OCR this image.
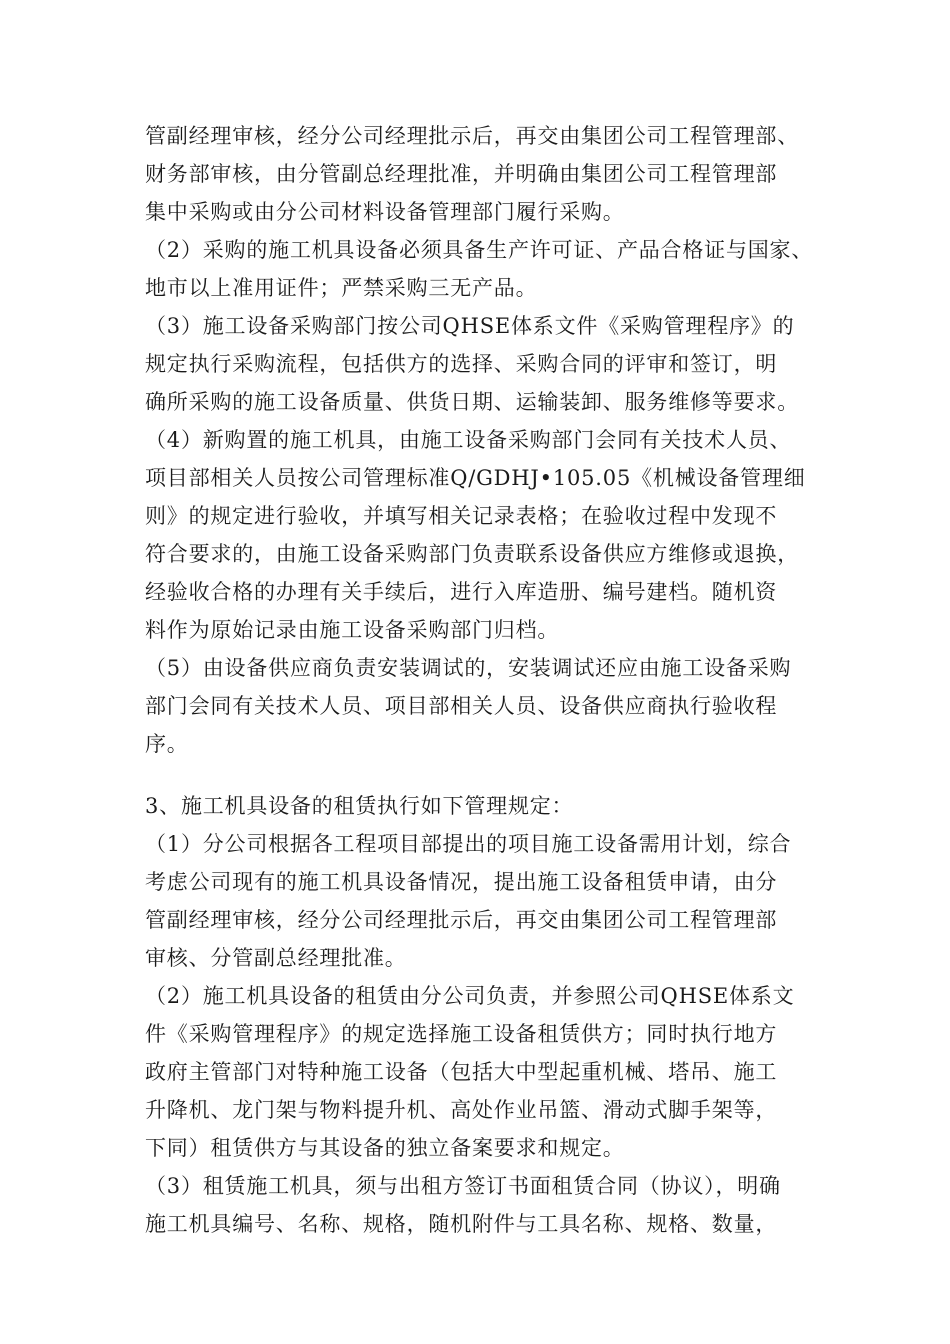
管副经理审核，经分公司经理批示后，再交由集团公司工程管理部、
财务部审核，由分管副总经理批准，并明确由集团公司工程管理部
集中采购或由分公司材料设备管理部门履行采购。
（2）采购的施工机具设备必须具备生产许可证、产品合格证与国家、
地市以上准用证件；严禁采购三无产品。
（3）施工设备采购部门按公司QHSE体系文件《采购管理程序》的
规定执行采购流程，包括供方的选择、采购合同的评审和签订，明
确所采购的施工设备质量、供货日期、运输装卸、服务维修等要求。
（4）新购置的施工机具，由施工设备采购部门会同有关技术人员、
项目部相关人员按公司管理标准Q/GDHJ•105.05《机械设备管理细
则》的规定进行验收，并填写相关记录表格；在验收过程中发现不
符合要求的，由施工设备采购部门负责联系设备供应方维修或退换，
经验收合格的办理有关手续后，进行入库造册、编号建档。随机资
料作为原始记录由施工设备采购部门归档。
（5）由设备供应商负责安装调试的，安装调试还应由施工设备采购
部门会同有关技术人员、项目部相关人员、设备供应商执行验收程
序。
3、施工机具设备的租赁执行如下管理规定：
（1）分公司根据各工程项目部提出的项目施工设备需用计划，综合
考虑公司现有的施工机具设备情况，提出施工设备租赁申请，由分
管副经理审核，经分公司经理批示后，再交由集团公司工程管理部
审核、分管副总经理批准。
（2）施工机具设备的租赁由分公司负责，并参照公司QHSE体系文
件《采购管理程序》的规定选择施工设备租赁供方；同时执行地方
政府主管部门对特种施工设备（包括大中型起重机械、塔吊、施工
升降机、龙门架与物料提升机、高处作业吊篮、滑动式脚手架等，
下同）租赁供方与其设备的独立备案要求和规定。
（3）租赁施工机具，须与出租方签订书面租赁合同（协议），明确
施工机具编号、名称、规格，随机附件与工具名称、规格、数量，
